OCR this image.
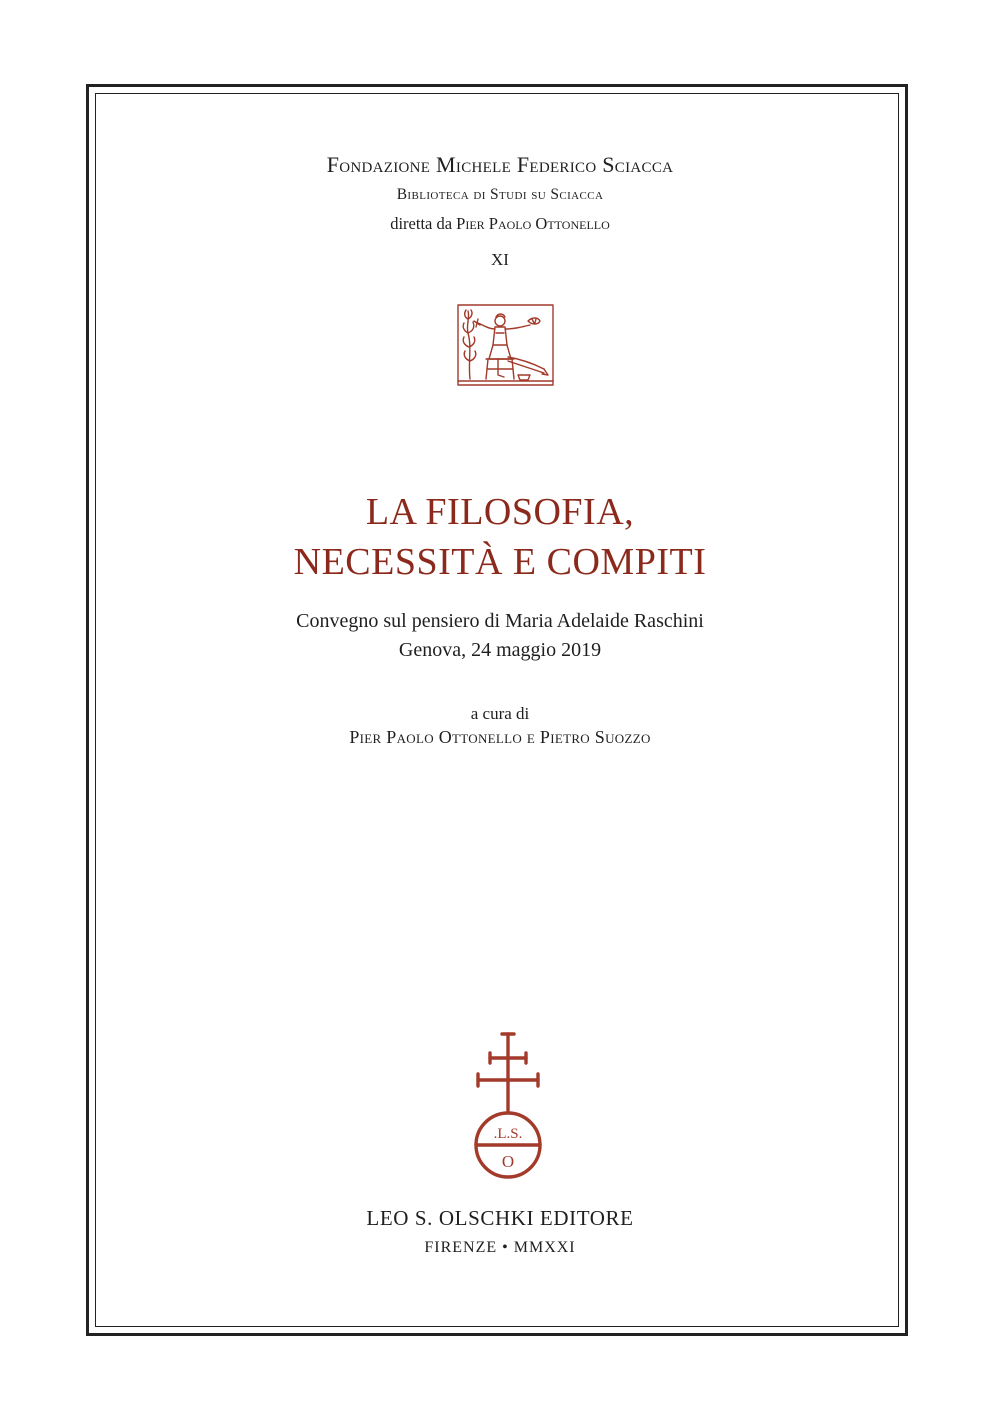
Fondazione Michele Federico Sciacca
Biblioteca di Studi su Sciacca
diretta da Pier Paolo Ottonello
XI
LA FILOSOFIA,
NECESSITÀ E COMPITI
Convegno sul pensiero di Maria Adelaide Raschini
Genova, 24 maggio 2019
a cura di
Pier Paolo Ottonello e Pietro Suozzo
.L.S.
O
LEO S. OLSCHKI EDITORE
FIRENZE • MMXXI
